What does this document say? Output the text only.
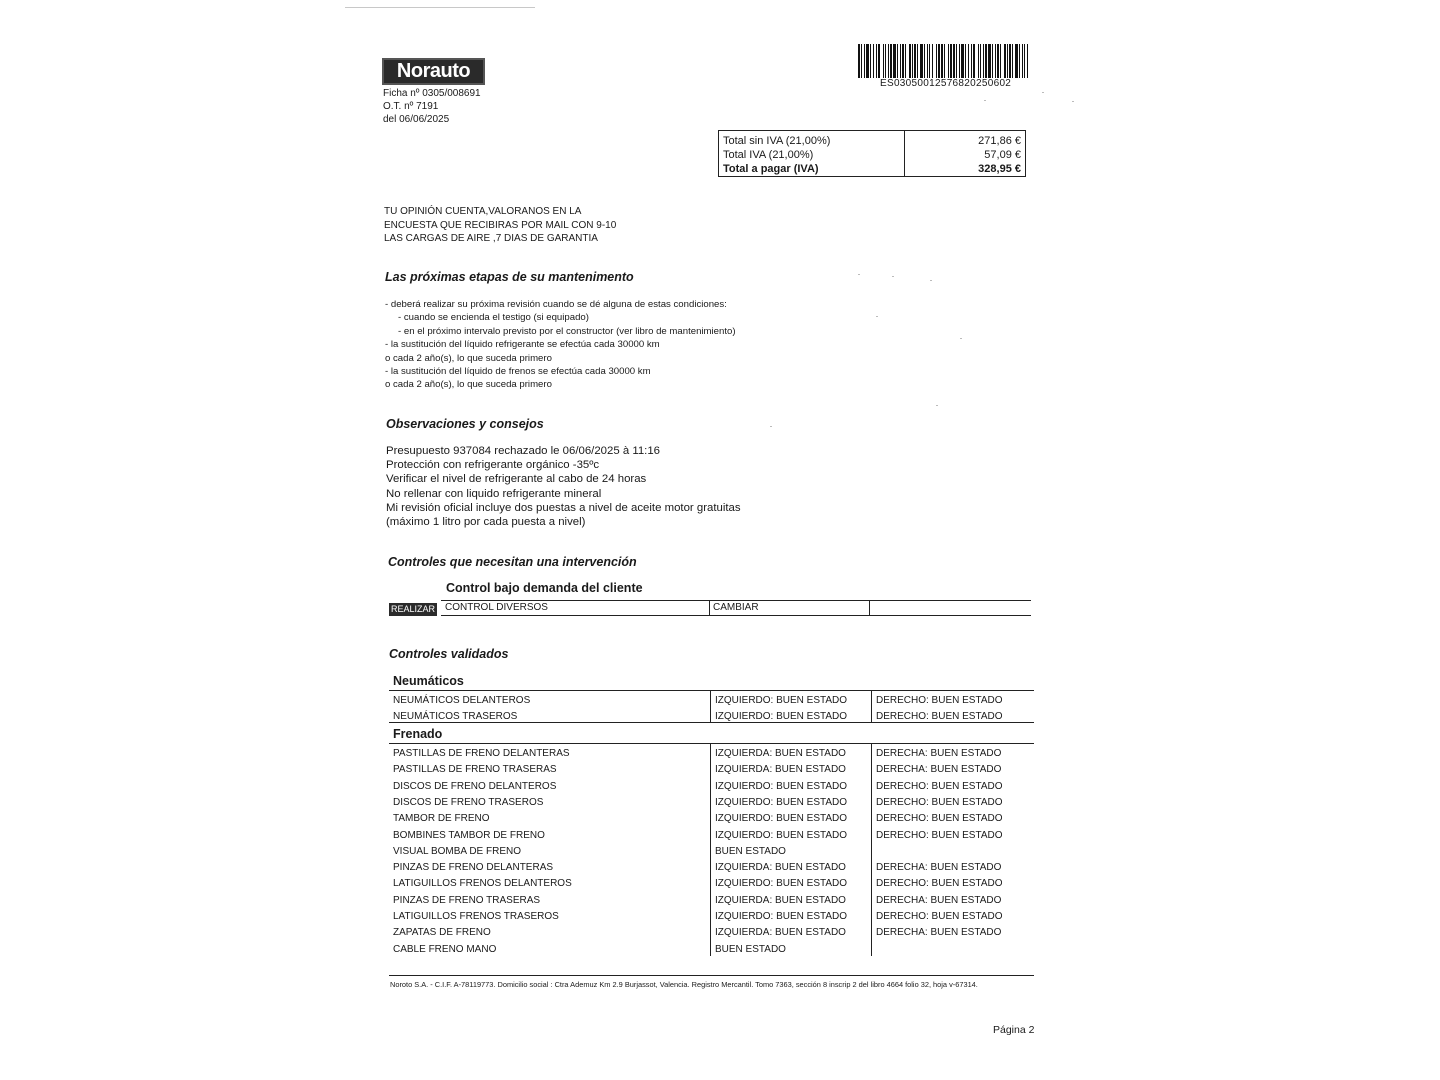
Norauto
Ficha nº 0305/008691
O.T. nº 7191
del 06/06/2025
ES03050012576820250602
Total sin IVA (21,00%)	271,86 €
Total IVA (21,00%)	57,09 €
Total a pagar (IVA)	328,95 €
TU OPINIÓN CUENTA,VALORANOS EN LA
ENCUESTA QUE RECIBIRAS POR MAIL CON 9-10
LAS CARGAS DE AIRE ,7 DIAS DE GARANTIA
Las próximas etapas de su mantenimento
- deberá realizar su próxima revisión cuando se dé alguna de estas condiciones:
- cuando se encienda el testigo (si equipado)
- en el próximo intervalo previsto por el constructor (ver libro de mantenimiento)
- la sustitución del líquido refrigerante se efectúa cada 30000 km
o cada 2 año(s), lo que suceda primero
- la sustitución del líquido de frenos se efectúa cada 30000 km
o cada 2 año(s), lo que suceda primero
Observaciones y consejos
Presupuesto 937084 rechazado le 06/06/2025 à 11:16
Protección con refrigerante orgánico -35ºc
Verificar el nivel de refrigerante al cabo de 24 horas
No rellenar con liquido refrigerante mineral
Mi revisión oficial incluye dos puestas a nivel de aceite motor gratuitas
(máximo 1 litro por cada puesta a nivel)
Controles que necesitan una intervención
Control bajo demanda del cliente
REALIZAR CONTROL DIVERSOS	CAMBIAR
Controles validados
Neumáticos
NEUMÁTICOS DELANTEROS	IZQUIERDO: BUEN ESTADO	DERECHO: BUEN ESTADO
NEUMÁTICOS TRASEROS	IZQUIERDO: BUEN ESTADO	DERECHO: BUEN ESTADO
Frenado
PASTILLAS DE FRENO DELANTERAS	IZQUIERDA: BUEN ESTADO	DERECHA: BUEN ESTADO
PASTILLAS DE FRENO TRASERAS	IZQUIERDA: BUEN ESTADO	DERECHA: BUEN ESTADO
DISCOS DE FRENO DELANTEROS	IZQUIERDO: BUEN ESTADO	DERECHO: BUEN ESTADO
DISCOS DE FRENO TRASEROS	IZQUIERDO: BUEN ESTADO	DERECHO: BUEN ESTADO
TAMBOR DE FRENO	IZQUIERDO: BUEN ESTADO	DERECHO: BUEN ESTADO
BOMBINES TAMBOR DE FRENO	IZQUIERDO: BUEN ESTADO	DERECHO: BUEN ESTADO
VISUAL BOMBA DE FRENO	BUEN ESTADO
PINZAS DE FRENO DELANTERAS	IZQUIERDA: BUEN ESTADO	DERECHA: BUEN ESTADO
LATIGUILLOS FRENOS DELANTEROS	IZQUIERDO: BUEN ESTADO	DERECHO: BUEN ESTADO
PINZAS DE FRENO TRASERAS	IZQUIERDA: BUEN ESTADO	DERECHA: BUEN ESTADO
LATIGUILLOS FRENOS TRASEROS	IZQUIERDO: BUEN ESTADO	DERECHO: BUEN ESTADO
ZAPATAS DE FRENO	IZQUIERDA: BUEN ESTADO	DERECHA: BUEN ESTADO
CABLE FRENO MANO	BUEN ESTADO
Noroto S.A. - C.I.F. A-78119773. Domicilio social : Ctra Ademuz Km 2.9 Burjassot, Valencia. Registro Mercantil. Tomo 7363, sección 8 inscrip 2 del libro 4664 folio 32, hoja v-67314.
Página 2
